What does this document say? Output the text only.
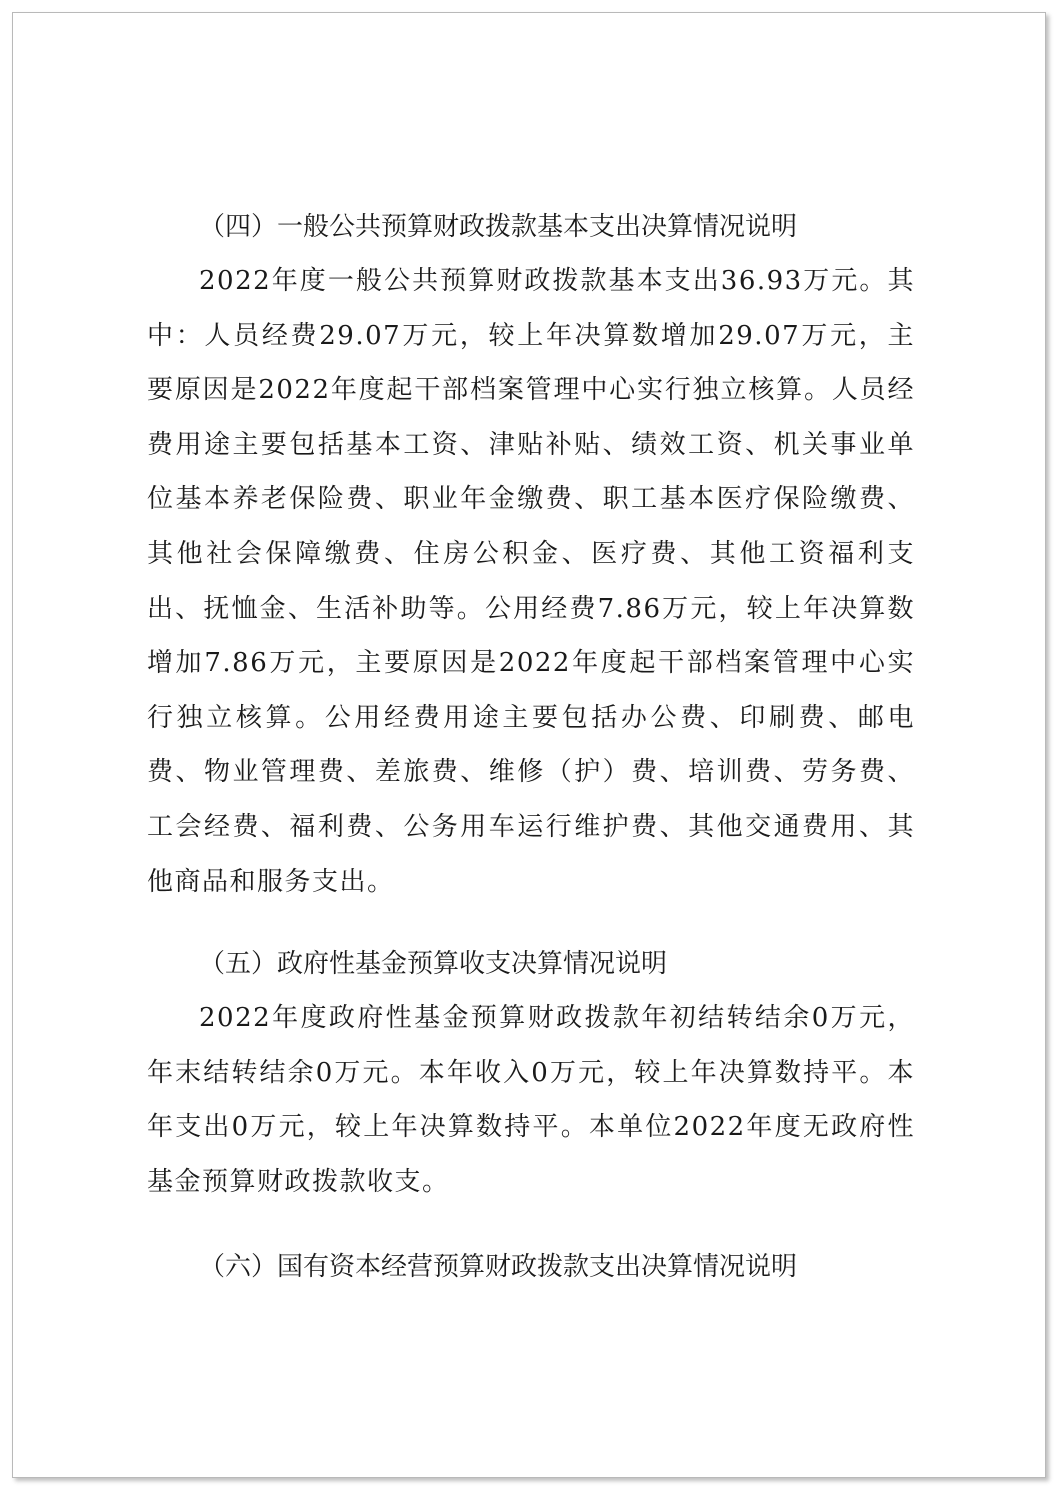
（四）一般公共预算财政拨款基本支出决算情况说明

2022年度一般公共预算财政拨款基本支出36.93万元。其中：人员经费29.07万元，较上年决算数增加29.07万元，主要原因是2022年度起干部档案管理中心实行独立核算。人员经费用途主要包括基本工资、津贴补贴、绩效工资、机关事业单位基本养老保险费、职业年金缴费、职工基本医疗保险缴费、其他社会保障缴费、住房公积金、医疗费、其他工资福利支出、抚恤金、生活补助等。公用经费7.86万元，较上年决算数增加7.86万元，主要原因是2022年度起干部档案管理中心实行独立核算。公用经费用途主要包括办公费、印刷费、邮电费、物业管理费、差旅费、维修（护）费、培训费、劳务费、工会经费、福利费、公务用车运行维护费、其他交通费用、其他商品和服务支出。

（五）政府性基金预算收支决算情况说明

2022年度政府性基金预算财政拨款年初结转结余0万元，年末结转结余0万元。本年收入0万元，较上年决算数持平。本年支出0万元，较上年决算数持平。本单位2022年度无政府性基金预算财政拨款收支。

（六）国有资本经营预算财政拨款支出决算情况说明
